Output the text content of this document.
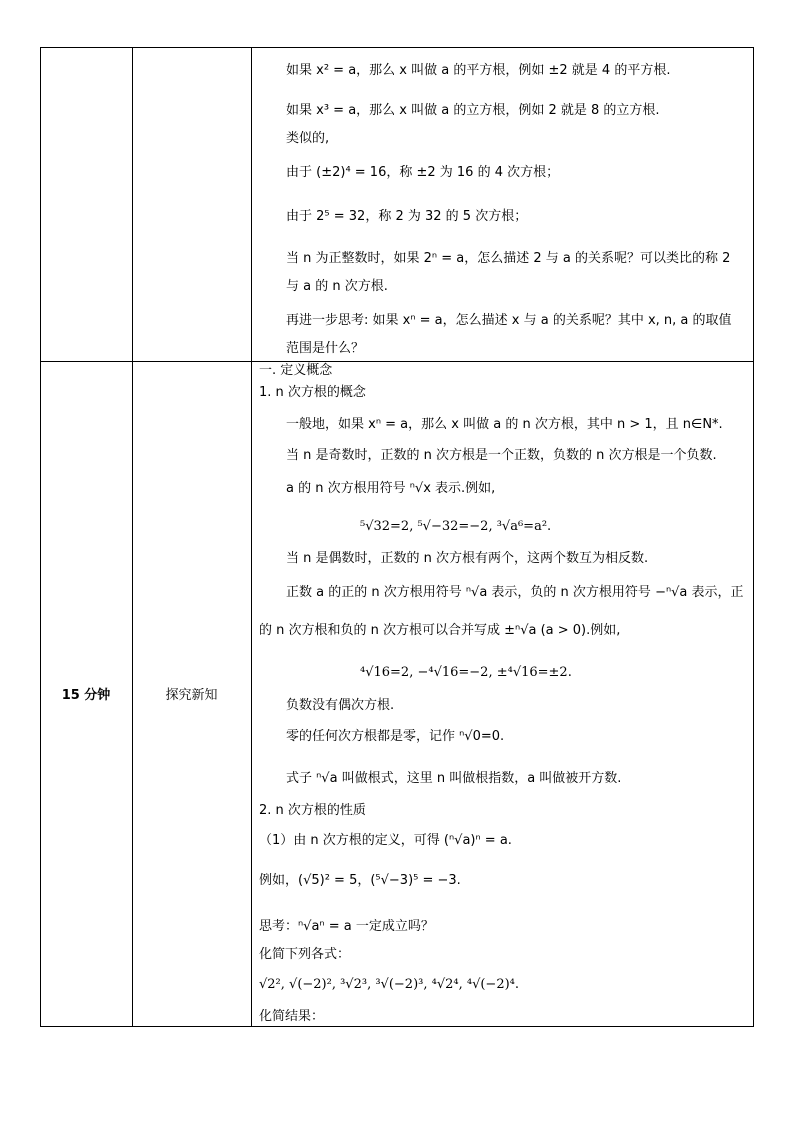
15 分钟	探究新知
如果 x² = a，那么 x 叫做 a 的平方根，例如 ±2 就是 4 的平方根.
如果 x³ = a，那么 x 叫做 a 的立方根，例如 2 就是 8 的立方根.
类似的,
由于 (±2)⁴ = 16，称 ±2 为 16 的 4 次方根；
由于 2⁵ = 32，称 2 为 32 的 5 次方根；
当 n 为正整数时，如果 2ⁿ = a，怎么描述 2 与 a 的关系呢？可以类比的称 2
与 a 的 n 次方根.
再进一步思考: 如果 xⁿ = a，怎么描述 x 与 a 的关系呢？其中 x, n, a 的取值
范围是什么？
一. 定义概念
1. n 次方根的概念
一般地，如果 xⁿ = a，那么 x 叫做 a 的 n 次方根，其中 n > 1，且 n∈N*.
当 n 是奇数时，正数的 n 次方根是一个正数，负数的 n 次方根是一个负数.
a 的 n 次方根用符号 ⁿ√x 表示.例如,
⁵√32=2, ⁵√−32=−2, ³√a⁶=a².
当 n 是偶数时，正数的 n 次方根有两个，这两个数互为相反数.
正数 a 的正的 n 次方根用符号 ⁿ√a 表示，负的 n 次方根用符号 −ⁿ√a 表示，正
的 n 次方根和负的 n 次方根可以合并写成 ±ⁿ√a (a > 0).例如,
⁴√16=2, −⁴√16=−2, ±⁴√16=±2.
负数没有偶次方根.
零的任何次方根都是零，记作 ⁿ√0=0.
式子 ⁿ√a 叫做根式，这里 n 叫做根指数，a 叫做被开方数.
2. n 次方根的性质
（1）由 n 次方根的定义，可得 (ⁿ√a)ⁿ = a.
例如，(√5)² = 5，(⁵√−3)⁵ = −3.
思考：ⁿ√aⁿ = a 一定成立吗？
化简下列各式：
√2², √(−2)², ³√2³, ³√(−2)³, ⁴√2⁴, ⁴√(−2)⁴.
化简结果：
